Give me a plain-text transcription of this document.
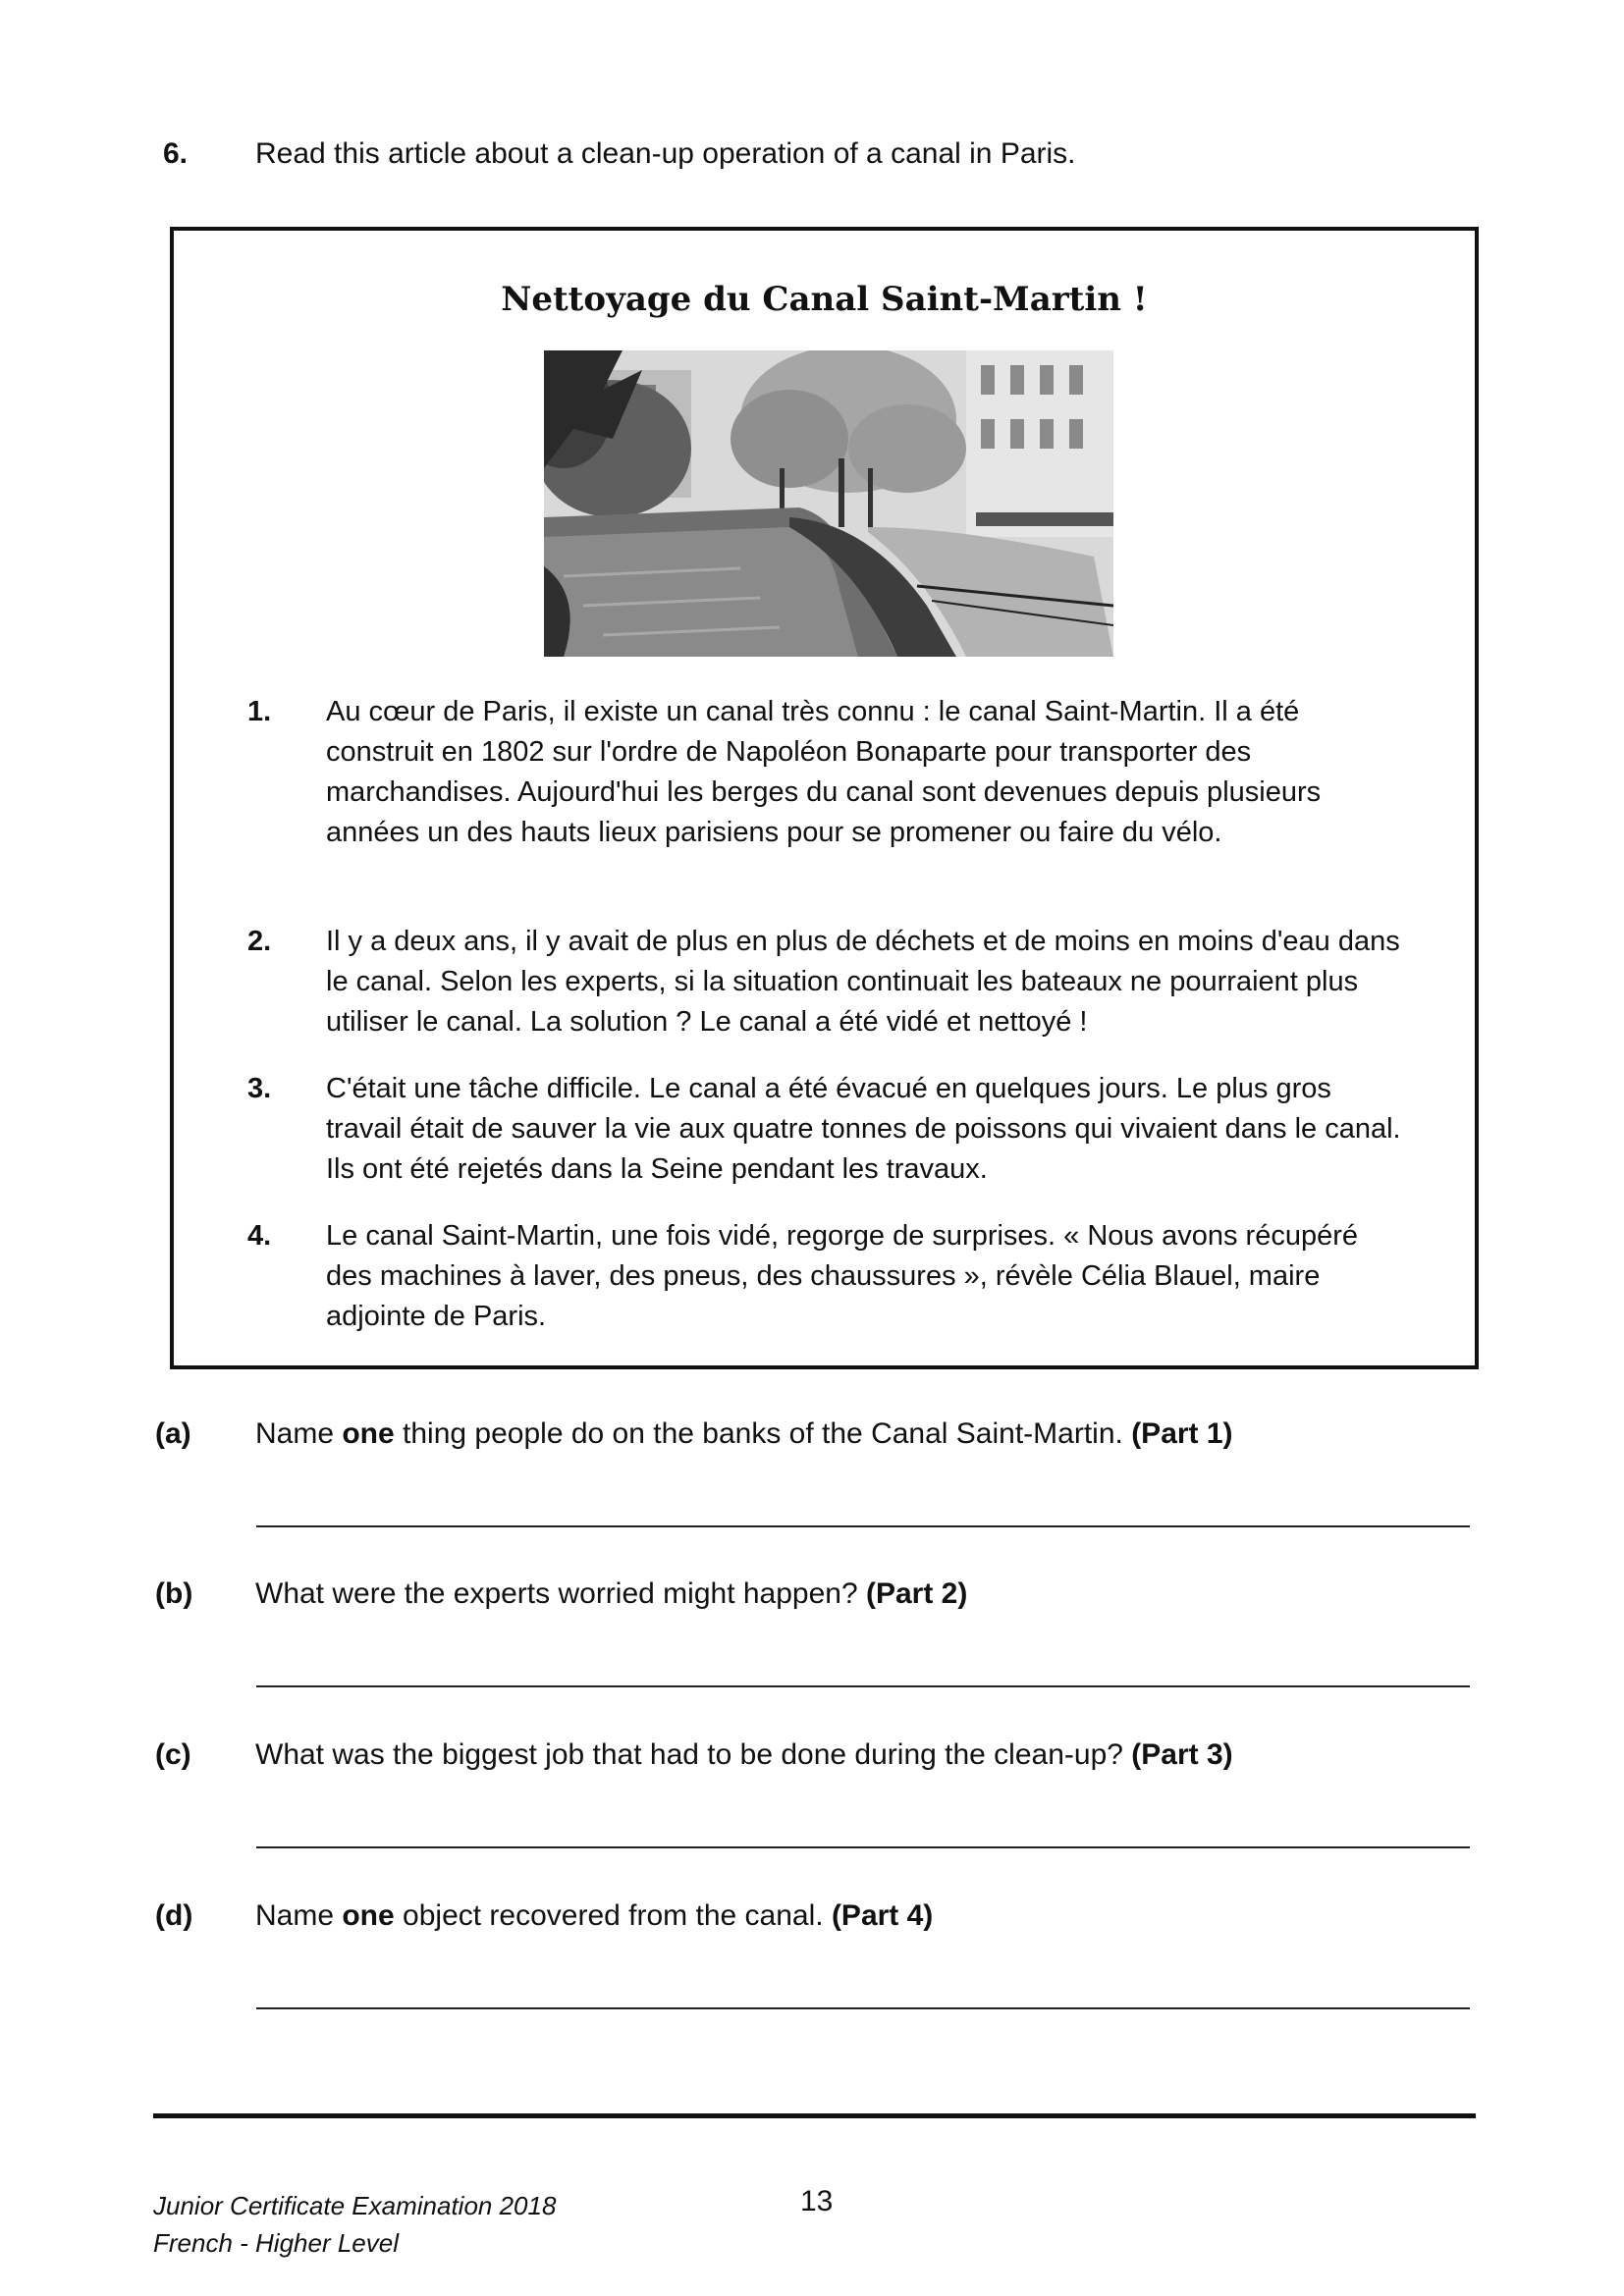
6. Read this article about a clean-up operation of a canal in Paris.
Nettoyage du Canal Saint-Martin !
1. Au cœur de Paris, il existe un canal très connu : le canal Saint-Martin. Il a été construit en 1802 sur l'ordre de Napoléon Bonaparte pour transporter des marchandises. Aujourd'hui les berges du canal sont devenues depuis plusieurs années un des hauts lieux parisiens pour se promener ou faire du vélo.
2. Il y a deux ans, il y avait de plus en plus de déchets et de moins en moins d'eau dans le canal. Selon les experts, si la situation continuait les bateaux ne pourraient plus utiliser le canal. La solution ? Le canal a été vidé et nettoyé !
3. C'était une tâche difficile. Le canal a été évacué en quelques jours. Le plus gros travail était de sauver la vie aux quatre tonnes de poissons qui vivaient dans le canal. Ils ont été rejetés dans la Seine pendant les travaux.
4. Le canal Saint-Martin, une fois vidé, regorge de surprises. « Nous avons récupéré des machines à laver, des pneus, des chaussures », révèle Célia Blauel, maire adjointe de Paris.
(a) Name one thing people do on the banks of the Canal Saint-Martin. (Part 1)
(b) What were the experts worried might happen? (Part 2)
(c) What was the biggest job that had to be done during the clean-up? (Part 3)
(d) Name one object recovered from the canal. (Part 4)
Junior Certificate Examination 2018
French - Higher Level
13
